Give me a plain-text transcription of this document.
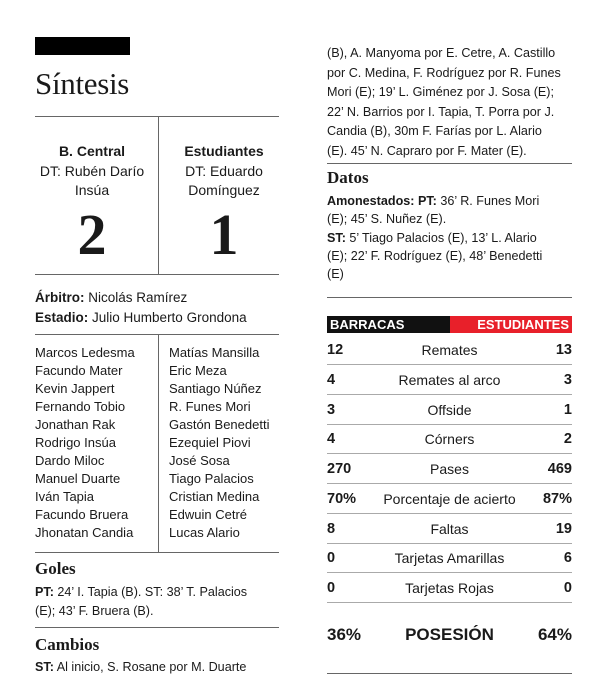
Síntesis
B. Central
DT: Rubén Darío Insúa
2
Estudiantes
DT: Eduardo Domínguez
1
Árbitro: Nicolás Ramírez
Estadio: Julio Humberto Grondona
Marcos Ledesma
Facundo Mater
Kevin Jappert
Fernando Tobio
Jonathan Rak
Rodrigo Insúa
Dardo Miloc
Manuel Duarte
Iván Tapia
Facundo Bruera
Jhonatan Candia
Matías Mansilla
Eric Meza
Santiago Núñez
R. Funes Mori
Gastón Benedetti
Ezequiel Piovi
José Sosa
Tiago Palacios
Cristian Medina
Edwuin Cetré
Lucas Alario
Goles
PT: 24’ I. Tapia (B). ST: 38’ T. Palacios
(E); 43’ F. Bruera (B).
Cambios
ST: Al inicio, S. Rosane por M. Duarte
(B), A. Manyoma por E. Cetre, A. Castillo
por C. Medina, F. Rodríguez por R. Funes
Mori (E); 19’ L. Giménez por J. Sosa (E);
22’ N. Barrios por I. Tapia, T. Porra por J.
Candia (B), 30m F. Farías por L. Alario
(E). 45’ N. Capraro por F. Mater (E).
Datos
Amonestados: PT: 36’ R. Funes Mori
(E); 45’ S. Nuñez (E).
ST: 5’ Tiago Palacios (E), 13’ L. Alario
(E); 22’ F. Rodríguez (E), 48’ Benedetti
(E)
BARRACAS	ESTUDIANTES
12	Remates	13
4	Remates al arco	3
3	Offside	1
4	Córners	2
270	Pases	469
70%	Porcentaje de acierto	87%
8	Faltas	19
0	Tarjetas Amarillas	6
0	Tarjetas Rojas	0
36%	POSESIÓN	64%
